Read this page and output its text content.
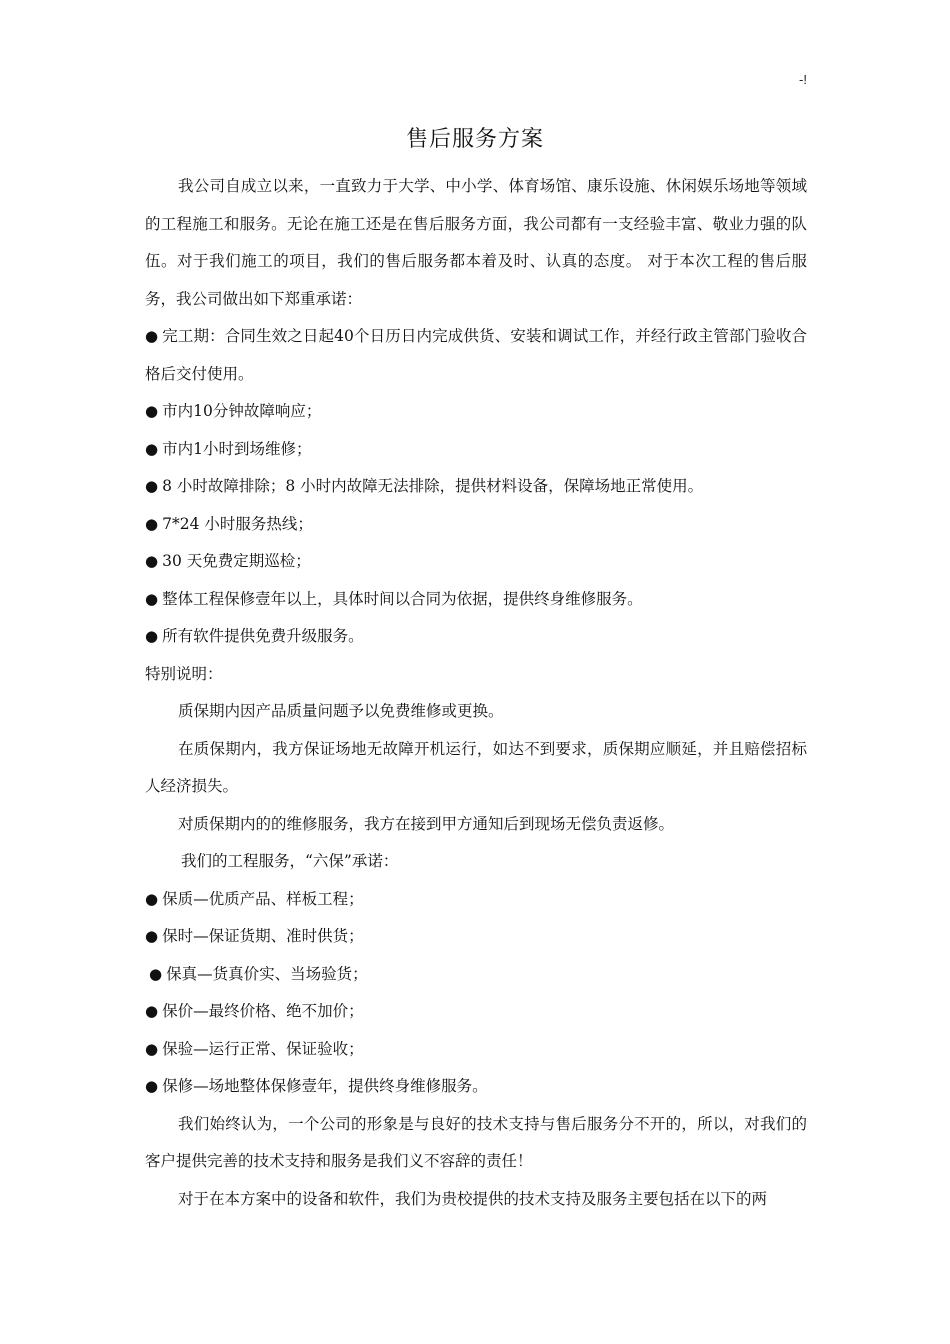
-!
售后服务方案

我公司自成立以来，一直致力于大学、中小学、体育场馆、康乐设施、休闲娱乐场地等领域的工程施工和服务。无论在施工还是在售后服务方面，我公司都有一支经验丰富、敬业力强的队伍。对于我们施工的项目，我们的售后服务都本着及时、认真的态度。 对于本次工程的售后服务，我公司做出如下郑重承诺：

● 完工期：合同生效之日起40个日历日内完成供货、安装和调试工作，并经行政主管部门验收合格后交付使用。

● 市内10分钟故障响应；

● 市内1小时到场维修；

● 8 小时故障排除；8 小时内故障无法排除，提供材料设备，保障场地正常使用。

● 7*24 小时服务热线；

● 30 天免费定期巡检；

● 整体工程保修壹年以上，具体时间以合同为依据，提供终身维修服务。

● 所有软件提供免费升级服务。

特别说明：

质保期内因产品质量问题予以免费维修或更换。

在质保期内，我方保证场地无故障开机运行，如达不到要求，质保期应顺延，并且赔偿招标人经济损失。

对质保期内的的维修服务，我方在接到甲方通知后到现场无偿负责返修。

我们的工程服务，“六保”承诺：

● 保质—优质产品、样板工程；

● 保时—保证货期、准时供货；

● 保真—货真价实、当场验货；

● 保价—最终价格、绝不加价；

● 保验—运行正常、保证验收；

● 保修—场地整体保修壹年，提供终身维修服务。

我们始终认为，一个公司的形象是与良好的技术支持与售后服务分不开的，所以，对我们的客户提供完善的技术支持和服务是我们义不容辞的责任！

对于在本方案中的设备和软件，我们为贵校提供的技术支持及服务主要包括在以下的两
